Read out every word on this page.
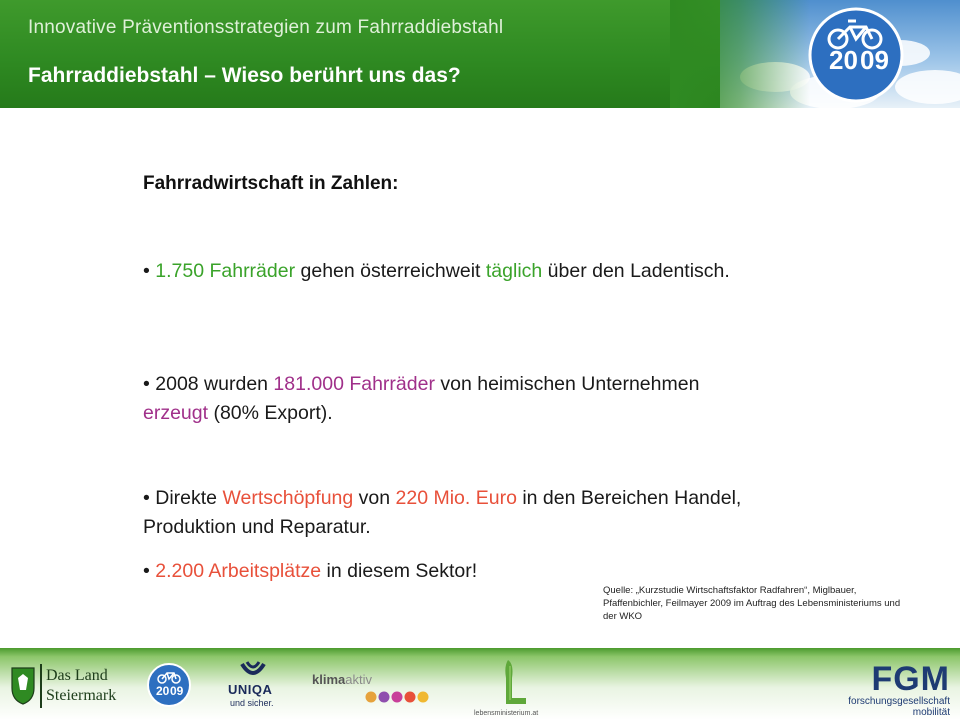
Innovative Präventionsstrategien zum Fahrraddiebstahl
Fahrraddiebstahl – Wieso berührt uns das?
20 09
Fahrradwirtschaft in Zahlen:
• 1.750 Fahrräder gehen österreichweit täglich über den Ladentisch.
• 2008 wurden 181.000 Fahrräder von heimischen Unternehmen erzeugt (80% Export).
• Direkte Wertschöpfung von 220 Mio. Euro in den Bereichen Handel, Produktion und Reparatur.
• 2.200 Arbeitsplätze in diesem Sektor!
Quelle: „Kurzstudie Wirtschaftsfaktor Radfahren“, Miglbauer, Pfaffenbichler, Feilmayer 2009 im Auftrag des Lebensministeriums und der WKO
Das Land
Steiermark	20 09	UNIQA
und sicher.
klimaaktiv
lebensministerium.at
FGM
forschungsgesellschaft
mobilität
